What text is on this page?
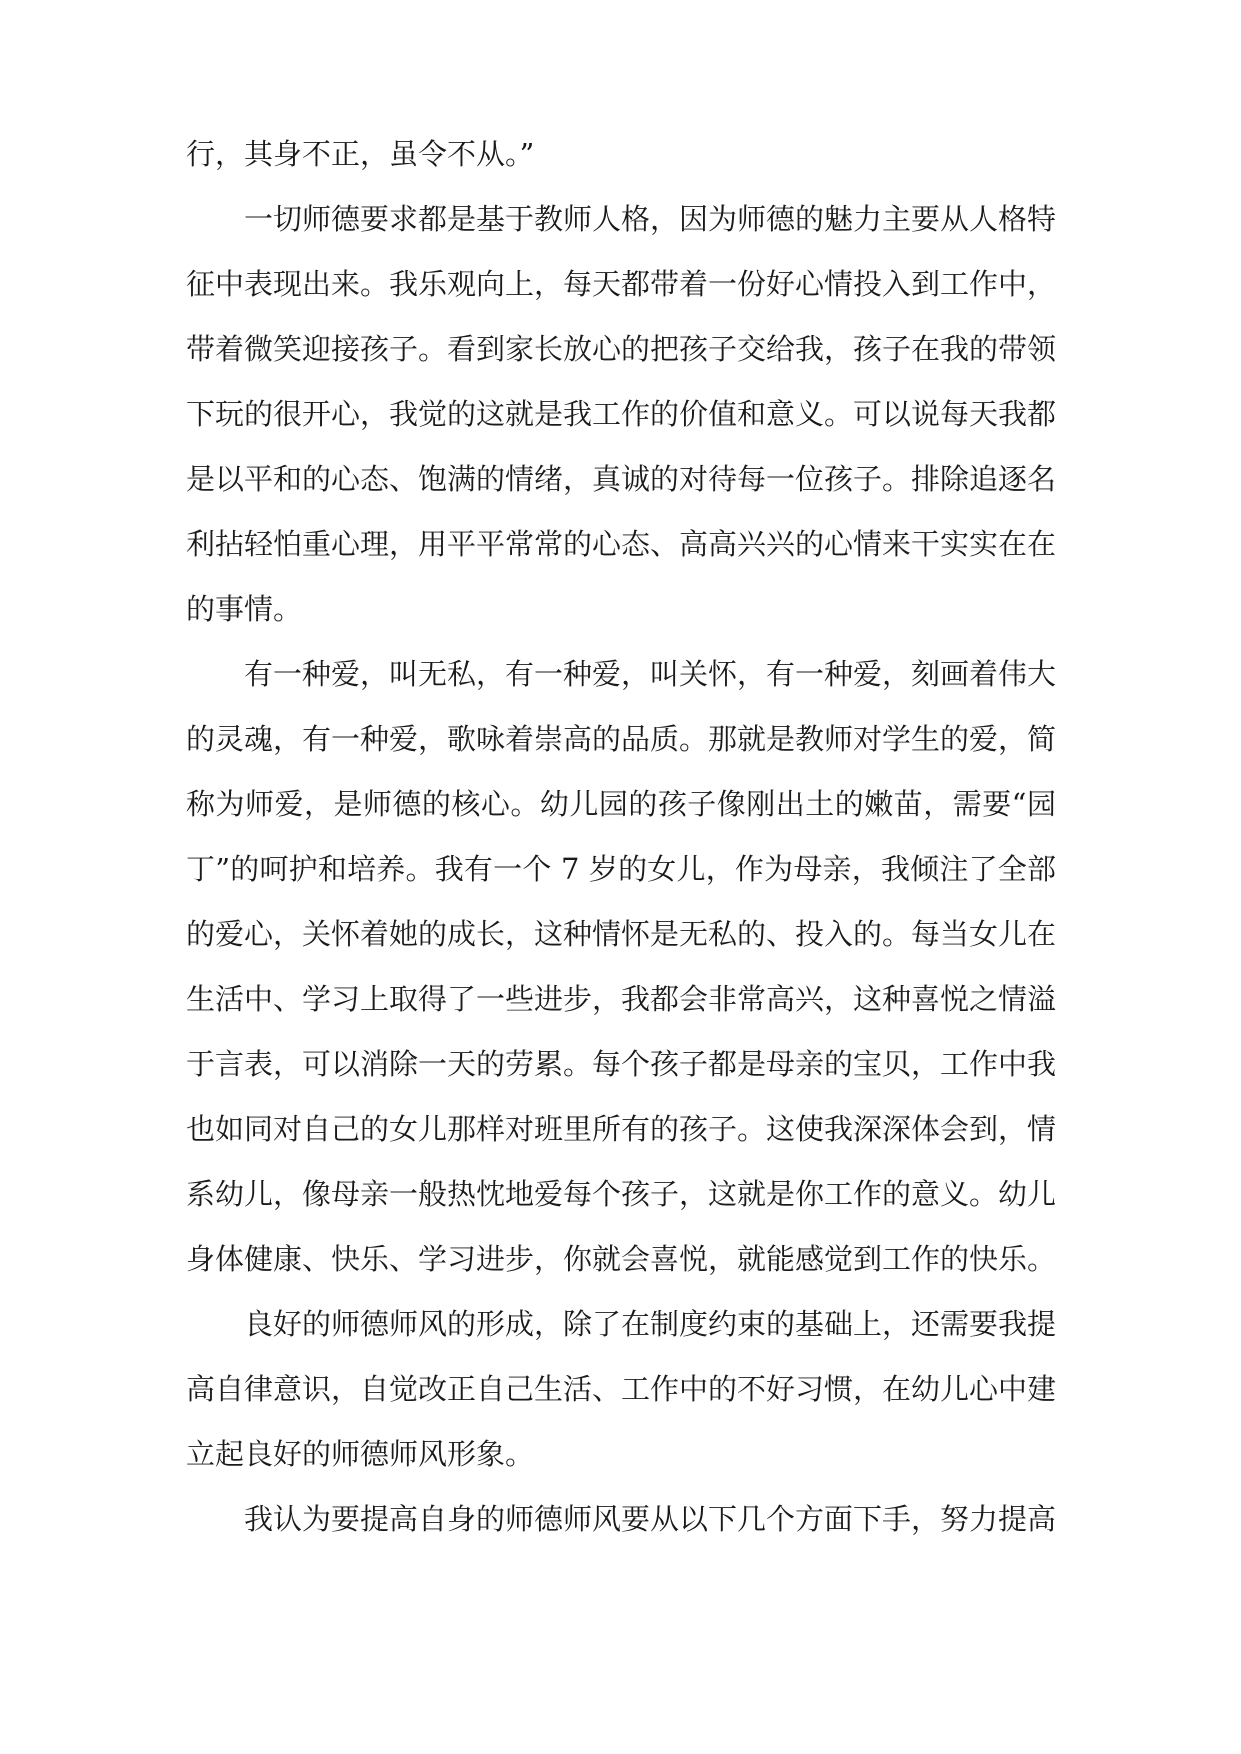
行，其身不正，虽令不从。”
一切师德要求都是基于教师人格，因为师德的魅力主要从人格特
征中表现出来。我乐观向上，每天都带着一份好心情投入到工作中，
带着微笑迎接孩子。看到家长放心的把孩子交给我，孩子在我的带领
下玩的很开心，我觉的这就是我工作的价值和意义。可以说每天我都
是以平和的心态、饱满的情绪，真诚的对待每一位孩子。排除追逐名
利拈轻怕重心理，用平平常常的心态、高高兴兴的心情来干实实在在
的事情。
有一种爱，叫无私，有一种爱，叫关怀，有一种爱，刻画着伟大
的灵魂，有一种爱，歌咏着崇高的品质。那就是教师对学生的爱，简
称为师爱，是师德的核心。幼儿园的孩子像刚出土的嫩苗，需要“园
丁”的呵护和培养。我有一个 7 岁的女儿，作为母亲，我倾注了全部
的爱心，关怀着她的成长，这种情怀是无私的、投入的。每当女儿在
生活中、学习上取得了一些进步，我都会非常高兴，这种喜悦之情溢
于言表，可以消除一天的劳累。每个孩子都是母亲的宝贝，工作中我
也如同对自己的女儿那样对班里所有的孩子。这使我深深体会到，情
系幼儿，像母亲一般热忱地爱每个孩子，这就是你工作的意义。幼儿
身体健康、快乐、学习进步，你就会喜悦，就能感觉到工作的快乐。
良好的师德师风的形成，除了在制度约束的基础上，还需要我提
高自律意识，自觉改正自己生活、工作中的不好习惯，在幼儿心中建
立起良好的师德师风形象。
我认为要提高自身的师德师风要从以下几个方面下手，努力提高
